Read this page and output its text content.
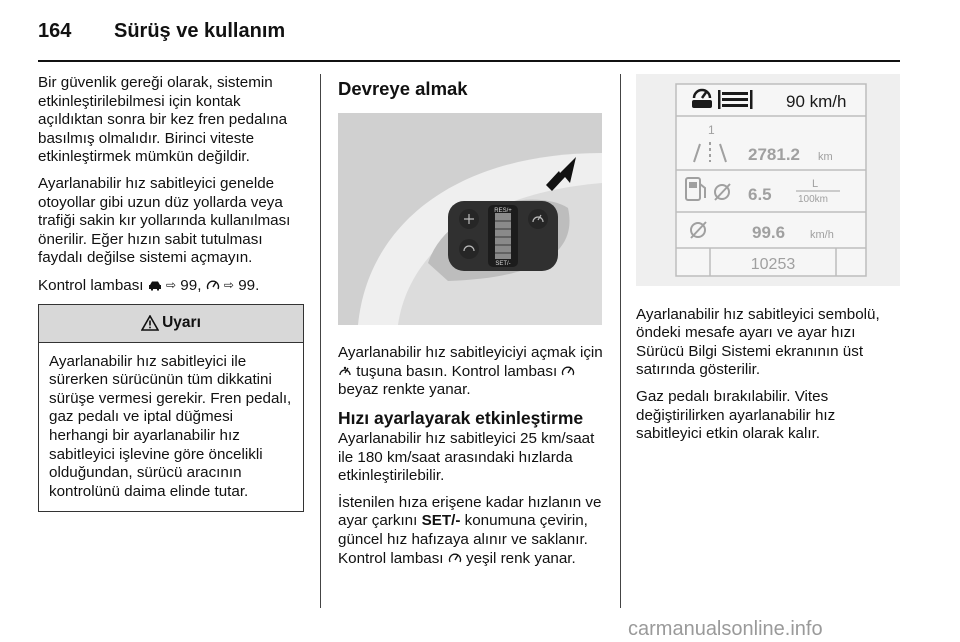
164 Sürüş ve kullanım

Bir güvenlik gereği olarak, sistemin etkinleştirilebilmesi için kontak açıldıktan sonra bir kez fren pedalına basılmış olmalıdır. Birinci viteste etkinleştirmek mümkün değildir.

Ayarlanabilir hız sabitleyici genelde otoyollar gibi uzun düz yollarda veya trafiği sakin kır yollarında kullanılması önerilir. Eğer hızın sabit tutulması faydalı değilse sistemi açmayın.

Kontrol lambası ⇨ 99, ⇨ 99.

Uyarı
Ayarlanabilir hız sabitleyici ile sürerken sürücünün tüm dikkatini sürüşe vermesi gerekir. Fren pedalı, gaz pedalı ve iptal düğmesi herhangi bir ayarlanabilir hız sabitleyici işlevine göre öncelikli olduğundan, sürücü aracının kontrolünü daima elinde tutar.
Devreye almak
RES/+
SET/-

Ayarlanabilir hız sabitleyiciyi açmak için  tuşuna basın. Kontrol lambası  beyaz renkte yanar.

Hızı ayarlayarak etkinleştirme

Ayarlanabilir hız sabitleyici 25 km/saat ile 180 km/saat arasındaki hızlarda etkinleştirilebilir.

İstenilen hıza erişene kadar hızlanın ve ayar çarkını SET/- konumuna çevirin, güncel hız hafızaya alınır ve saklanır. Kontrol lambası yeşil renk yanar.

90 km/h
1
2781.2 km
6.5
L
100km
99.6 km/h
10253

Ayarlanabilir hız sabitleyici sembolü, öndeki mesafe ayarı ve ayar hızı Sürücü Bilgi Sistemi ekranının üst satırında gösterilir.

Gaz pedalı bırakılabilir. Vites değiştirilirken ayarlanabilir hız sabitleyici etkin olarak kalır.

carmanualsonline.info
